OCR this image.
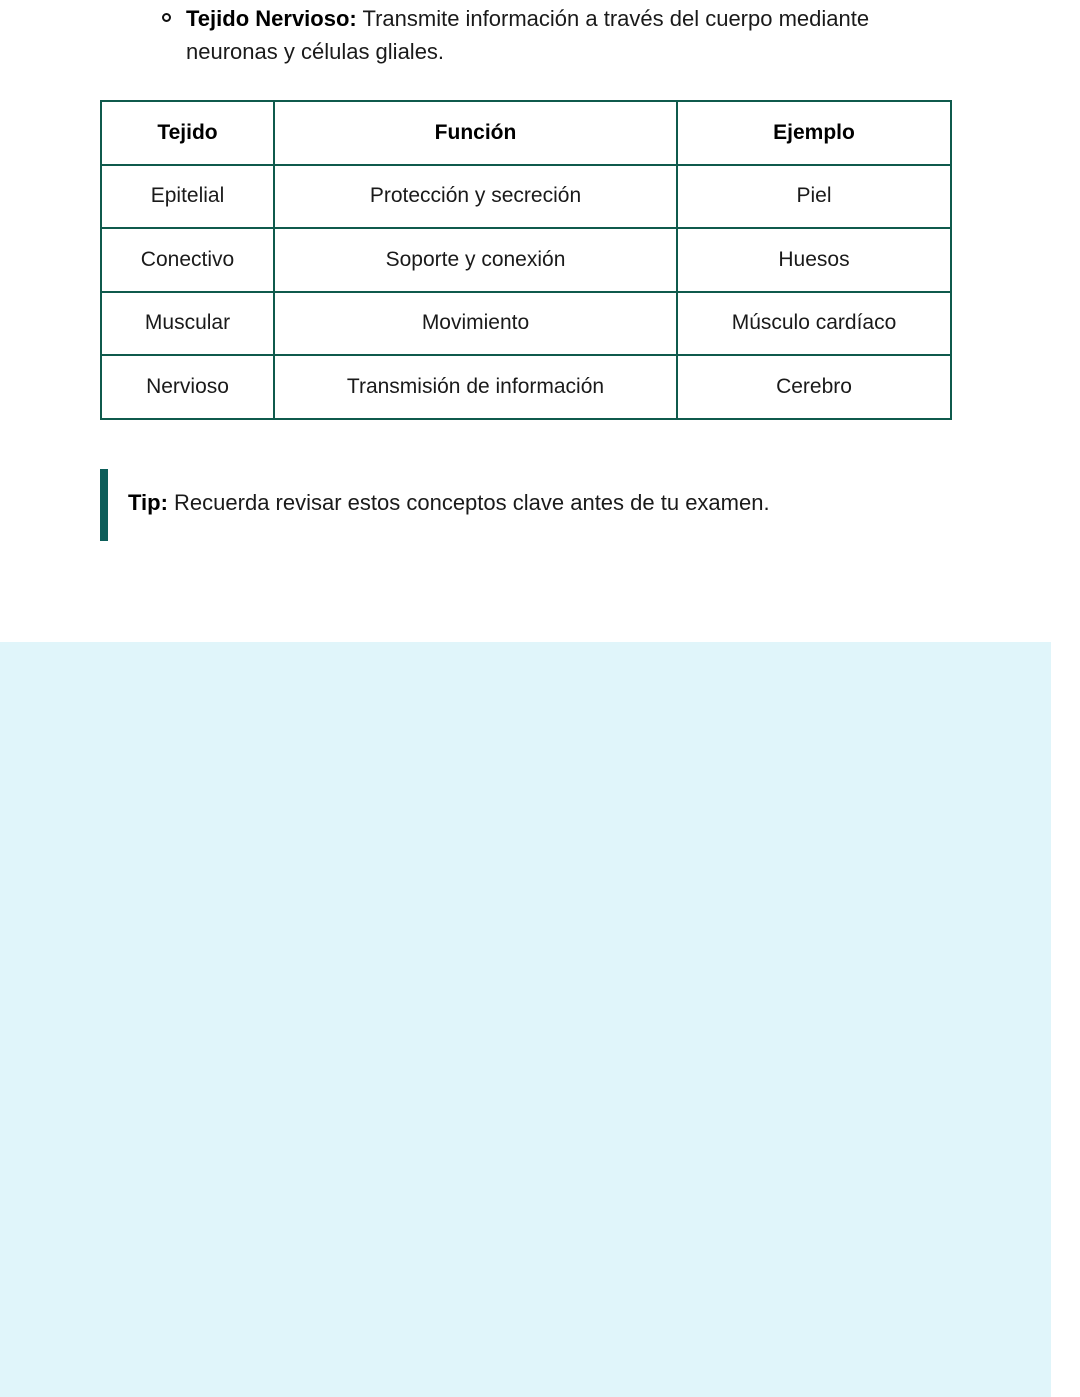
Tejido Nervioso: Transmite información a través del cuerpo mediante neuronas y células gliales.
Tejido	Función	Ejemplo
Epitelial	Protección y secreción	Piel
Conectivo	Soporte y conexión	Huesos
Muscular	Movimiento	Músculo cardíaco
Nervioso	Transmisión de información	Cerebro
Tip: Recuerda revisar estos conceptos clave antes de tu examen.
